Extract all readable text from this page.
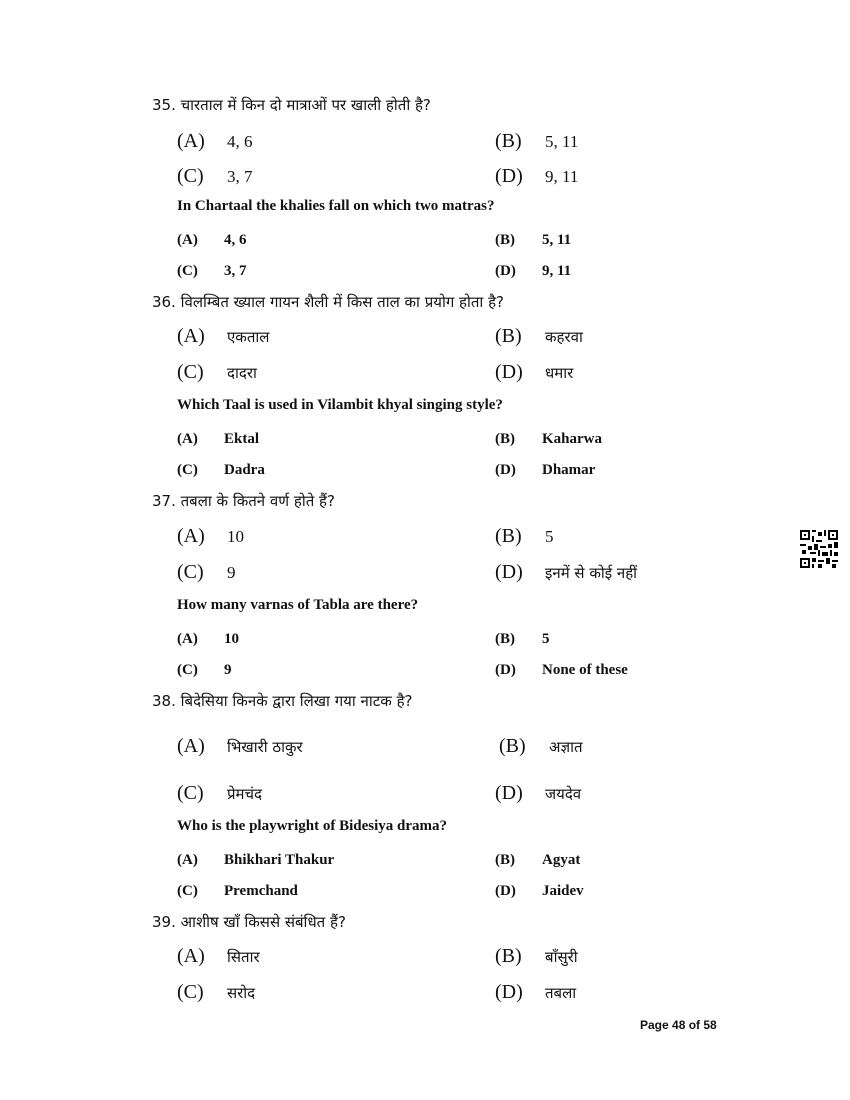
35. चारताल में किन दो मात्राओं पर खाली होती है?
(A) 4, 6	(B) 5, 11
(C) 3, 7	(D) 9, 11
In Chartaal the khalies fall on which two matras?
(A) 4, 6	(B) 5, 11
(C) 3, 7	(D) 9, 11
36. विलम्बित ख्याल गायन शैली में किस ताल का प्रयोग होता है?
(A) एकताल	(B) कहरवा
(C) दादरा	(D) धमार
Which Taal is used in Vilambit khyal singing style?
(A) Ektal	(B) Kaharwa
(C) Dadra	(D) Dhamar
37. तबला के कितने वर्ण होते हैं?
(A) 10	(B) 5
(C) 9	(D) इनमें से कोई नहीं
How many varnas of Tabla are there?
(A) 10	(B) 5
(C) 9	(D) None of these
38. बिदेसिया किनके द्वारा लिखा गया नाटक है?
(A) भिखारी ठाकुर	(B) अज्ञात
(C) प्रेमचंद	(D) जयदेव
Who is the playwright of Bidesiya drama?
(A) Bhikhari Thakur	(B) Agyat
(C) Premchand	(D) Jaidev
39. आशीष खाँ किससे संबंधित हैं?
(A) सितार	(B) बाँसुरी
(C) सरोद	(D) तबला
Page 48 of 58
